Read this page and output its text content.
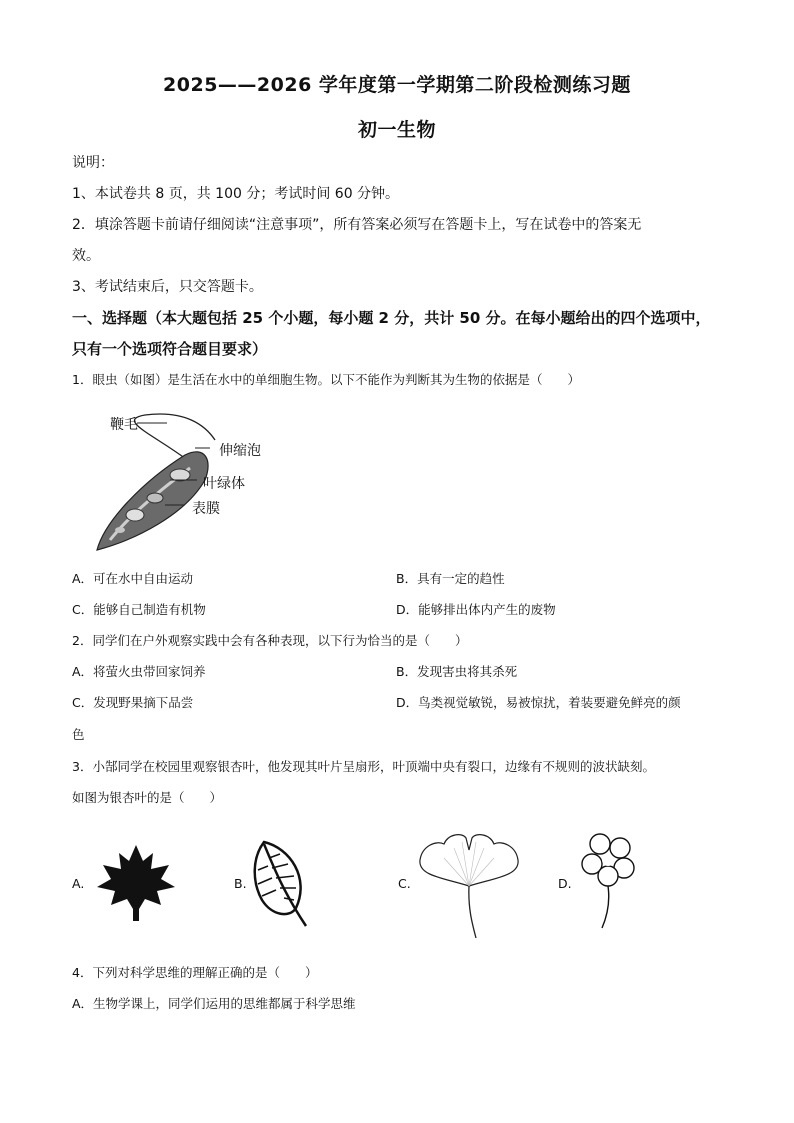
2025——2026 学年度第一学期第二阶段检测练习题
初一生物
说明：
1、本试卷共 8 页，共 100 分；考试时间 60 分钟。
2．填涂答题卡前请仔细阅读“注意事项”，所有答案必须写在答题卡上，写在试卷中的答案无
效。
3、考试结束后，只交答题卡。
一、选择题（本大题包括 25 个小题，每小题 2 分，共计 50 分。在每小题给出的四个选项中，
只有一个选项符合题目要求）
1．眼虫（如图）是生活在水中的单细胞生物。以下不能作为判断其为生物的依据是（　　）
鞭毛
伸缩泡
叶绿体
表膜
A．可在水中自由运动	B．具有一定的趋性
C．能够自己制造有机物	D．能够排出体内产生的废物
2．同学们在户外观察实践中会有各种表现，以下行为恰当的是（　　）
A．将萤火虫带回家饲养	B．发现害虫将其杀死
C．发现野果摘下品尝	D．鸟类视觉敏锐，易被惊扰，着装要避免鲜亮的颜
色
3．小郜同学在校园里观察银杏叶，他发现其叶片呈扇形，叶顶端中央有裂口，边缘有不规则的波状缺刻。
如图为银杏叶的是（　　）
A.	B.	C.	D.
4．下列对科学思维的理解正确的是（　　）
A．生物学课上，同学们运用的思维都属于科学思维
